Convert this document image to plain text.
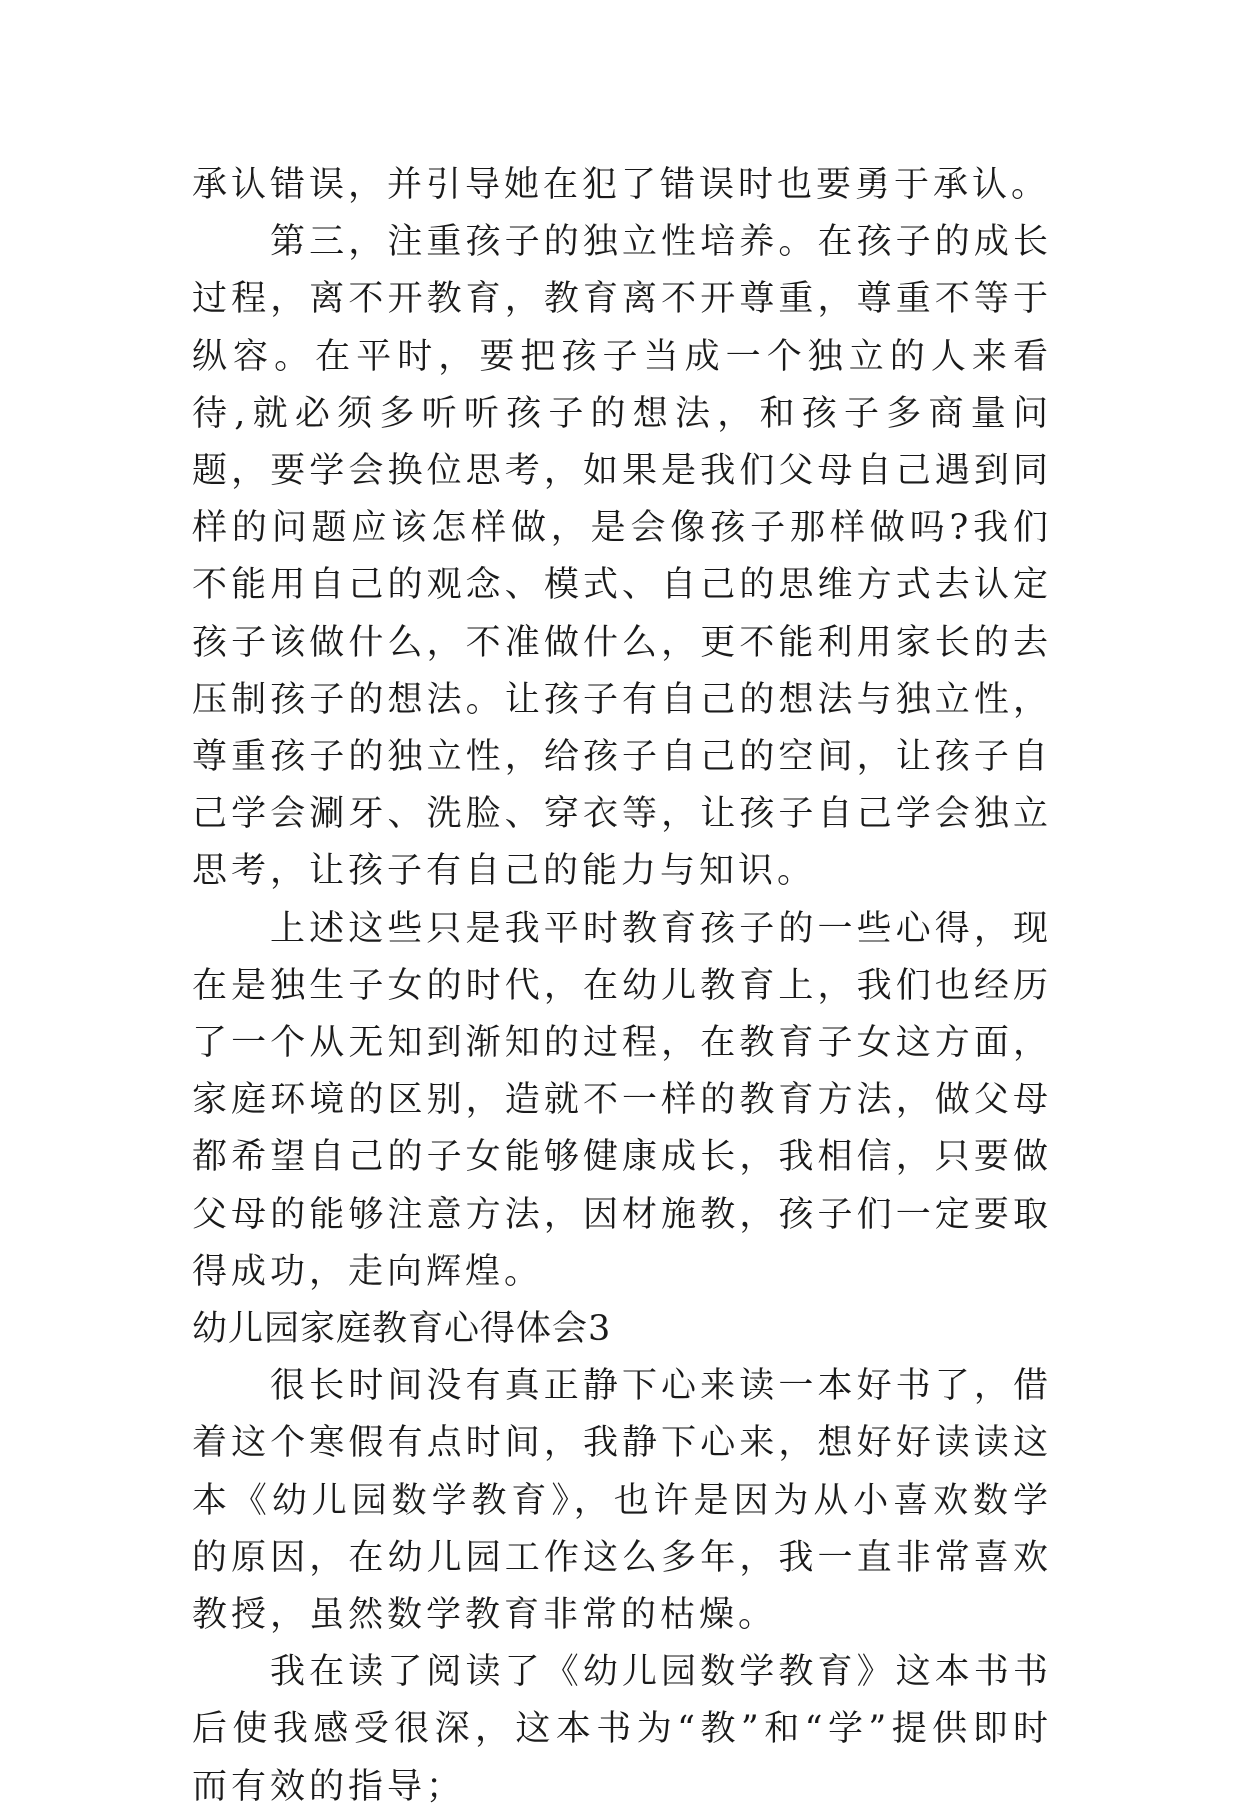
承认错误，并引导她在犯了错误时也要勇于承认。

第三，注重孩子的独立性培养。在孩子的成长过程，离不开教育，教育离不开尊重，尊重不等于纵容。在平时，要把孩子当成一个独立的人来看待,就必须多听听孩子的想法，和孩子多商量问题，要学会换位思考，如果是我们父母自己遇到同样的问题应该怎样做，是会像孩子那样做吗?我们不能用自己的观念、模式、自己的思维方式去认定孩子该做什么，不准做什么，更不能利用家长的去压制孩子的想法。让孩子有自己的想法与独立性，尊重孩子的独立性，给孩子自己的空间，让孩子自己学会涮牙、洗脸、穿衣等，让孩子自己学会独立思考，让孩子有自己的能力与知识。

上述这些只是我平时教育孩子的一些心得，现在是独生子女的时代，在幼儿教育上，我们也经历了一个从无知到渐知的过程，在教育子女这方面，家庭环境的区别，造就不一样的教育方法，做父母都希望自己的子女能够健康成长，我相信，只要做父母的能够注意方法，因材施教，孩子们一定要取得成功，走向辉煌。

幼儿园家庭教育心得体会3

很长时间没有真正静下心来读一本好书了，借着这个寒假有点时间，我静下心来，想好好读读这本《幼儿园数学教育》，也许是因为从小喜欢数学的原因，在幼儿园工作这么多年，我一直非常喜欢教授，虽然数学教育非常的枯燥。

我在读了阅读了《幼儿园数学教育》这本书书后使我感受很深，这本书为“教”和“学”提供即时而有效的指导；
